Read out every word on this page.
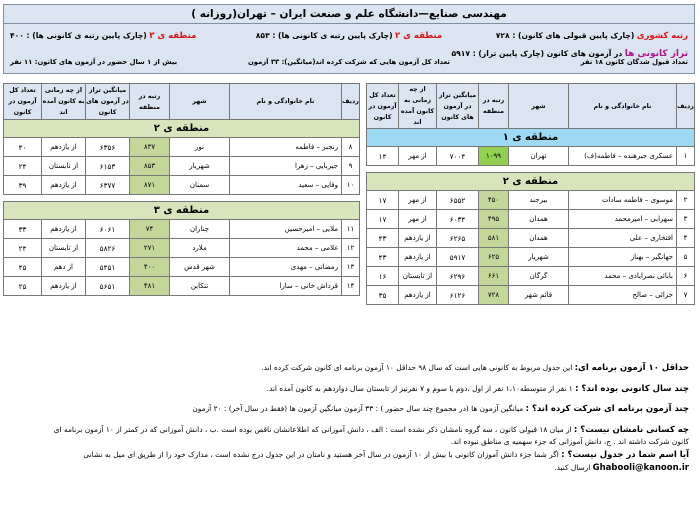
مهندسی صنایع—دانشگاه علم و صنعت ایران – تهران(روزانه )
رتبه کشوری (چارک پایین قبولی های کانون) : ۷۲۸
منطقه ی ۲ (چارک پایین رتبه ی کانونی ها) : ۸۵۳
منطقه ی ۳ (چارک پایین رتبه ی کانونی ها) : ۴۰۰
تراز کانونی ها در آزمون های کانون (چارک پایین تراز) : ۵۹۱۷
تعداد قبول شدگان کانون ۱۸ نفر
تعداد کل آزمون هایی که شرکت کرده اند(میانگین): ۳۳ آزمون
بیش از ۱ سال حضور در آزمون های کانون: ۱۱ نفر
ردیف	نام خانوادگی و نام	شهر	رتبه در منطقه	میانگین تراز در آزمون های کانون	از چه زمانی به کانون آمده اند	تعداد کل آزمون در کانون
منطقه ی ۱						
۱	عسکری جیرهنده – فاطمه(ف)	تهران	۱۰۹۹	۷۰۰۴	از مهر	۱۴

منطقه ی ۲						
۲	موسوی – فاطمه سادات	بیرجند	۴۵۰	۶۵۵۲	از مهر	۱۷
۳	سهرابی – امیرمحمد	همدان	۴۹۵	۶۰۳۴	از مهر	۱۷
۴	افتخاری – علی	همدان	۵۸۱	۶۲۶۵	از یازدهم	۴۳
۵	جهانگیر – بهناز	شهریار	۶۲۵	۵۹۱۷	از یازدهم	۴۳
۶	بابائی نصرابادی – محمد	گرگان	۶۶۱	۶۲۹۶	از تابستان	۱۶
۷	خزائی – صالح	قائم شهر	۷۲۸	۶۱۲۶	از یازدهم	۳۵
ردیف	نام خانوادگی و نام	شهر	رتبه در منطقه	میانگین تراز در آزمون های کانون	از چه زمانی به کانون آمده اند	تعداد کل آزمون در کانون
منطقه ی ۲						
۸	رنجبر – فاطمه	نور	۸۳۷	۶۳۵۶	از یازدهم	۴۰
۹	جیربایی – زهرا	شهریار	۸۵۳	۶۱۵۳	از تابستان	۲۴
۱۰	وفایی – سعید	سمنان	۸۷۱	۶۳۷۷	از یازدهم	۳۹

منطقه ی ۳						
۱۱	ملایی – امیرحسین	چناران	۷۴	۶۰۶۱	از یازدهم	۳۳
۱۲	غلامی – محمد	ملارد	۲۷۱	۵۸۲۶	از تابستان	۲۴
۱۳	رمضانی – مهدی	شهر قدس	۴۰۰	۵۴۵۱	از دهم	۴۵
۱۴	قرداش خانی – سارا	تنکابن	۴۸۱	۵۶۵۱	از یازدهم	۲۵

حداقل ۱۰ آزمون برنامه ای: این جدول مربوط به کانونی هایی است که سال ۹۸ حداقل ۱۰ آزمون برنامه ای کانون شرکت کرده اند.

چند سال کانونی بوده اند؟ : ۱ نفر از متوسطه۱،۱۰ نفر از اول ،دوم یا سوم و ۷ نفرنیز از تابستان سال دوازدهم به کانون آمده اند.

چند آزمون برنامه ای شرکت کرده اند؟ : میانگین آزمون ها (در مجموع چند سال حضور ) : ۳۳ آزمون میانگین آزمون ها (فقط در سال آخر) : ۲۰ آزمون

چه کسانی نامشان نیست؟ : از میان ۱۸ قبولی کانون ، سه گروه نامشان ذکر نشده است : الف ، دانش آموزانی که اطلاعاتشان ناقص بوده است .ب ، دانش آموزانی که در کمتر از ۱۰ آزمون برنامه ای
کانون شرکت داشته اند . ج، دانش آموزانی که جزء سهمیه ی مناطق نبوده اند.
آیا اسم شما در جدول نیست؟ : اگر شما جزء دانش آموزان کانونی با بیش از ۱۰ آزمون در سال آخر هستید و نامتان در این جدول درج نشده است ، مدارک خود را از طریق ای میل به نشانی
Ghabooli@kanoon.ir ارسال کنید.
